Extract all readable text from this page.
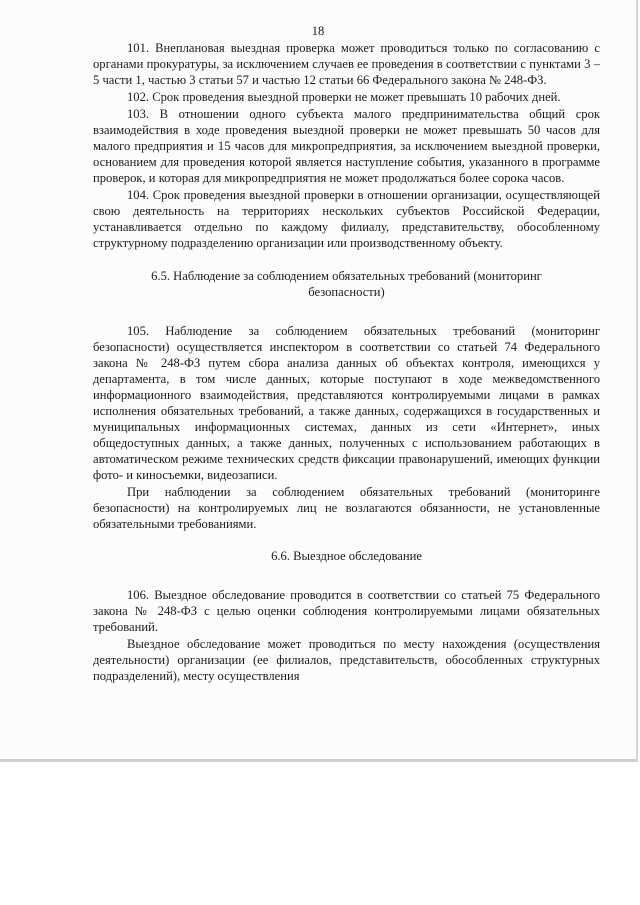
18

101. Внеплановая выездная проверка может проводиться только по согласованию с органами прокуратуры, за исключением случаев ее проведения в соответствии с пунктами 3 – 5 части 1, частью 3 статьи 57 и частью 12 статьи 66 Федерального закона № 248-ФЗ.

102. Срок проведения выездной проверки не может превышать 10 рабочих дней.

103. В отношении одного субъекта малого предпринимательства общий срок взаимодействия в ходе проведения выездной проверки не может превышать 50 часов для малого предприятия и 15 часов для микропредприятия, за исключением выездной проверки, основанием для проведения которой является наступление события, указанного в программе проверок, и которая для микропредприятия не может продолжаться более сорока часов.

104. Срок проведения выездной проверки в отношении организации, осуществляющей свою деятельность на территориях нескольких субъектов Российской Федерации, устанавливается отдельно по каждому филиалу, представительству, обособленному структурному подразделению организации или производственному объекту.

6.5. Наблюдение за соблюдением обязательных требований (мониторинг безопасности)

105. Наблюдение за соблюдением обязательных требований (мониторинг безопасности) осуществляется инспектором в соответствии со статьей 74 Федерального закона № 248-ФЗ путем сбора анализа данных об объектах контроля, имеющихся у департамента, в том числе данных, которые поступают в ходе межведомственного информационного взаимодействия, представляются контролируемыми лицами в рамках исполнения обязательных требований, а также данных, содержащихся в государственных и муниципальных информационных системах, данных из сети «Интернет», иных общедоступных данных, а также данных, полученных с использованием работающих в автоматическом режиме технических средств фиксации правонарушений, имеющих функции фото- и киносъемки, видеозаписи.

При наблюдении за соблюдением обязательных требований (мониторинге безопасности) на контролируемых лиц не возлагаются обязанности, не установленные обязательными требованиями.

6.6. Выездное обследование

106. Выездное обследование проводится в соответствии со статьей 75 Федерального закона № 248-ФЗ с целью оценки соблюдения контролируемыми лицами обязательных требований.

Выездное обследование может проводиться по месту нахождения (осуществления деятельности) организации (ее филиалов, представительств, обособленных структурных подразделений), месту осуществления
